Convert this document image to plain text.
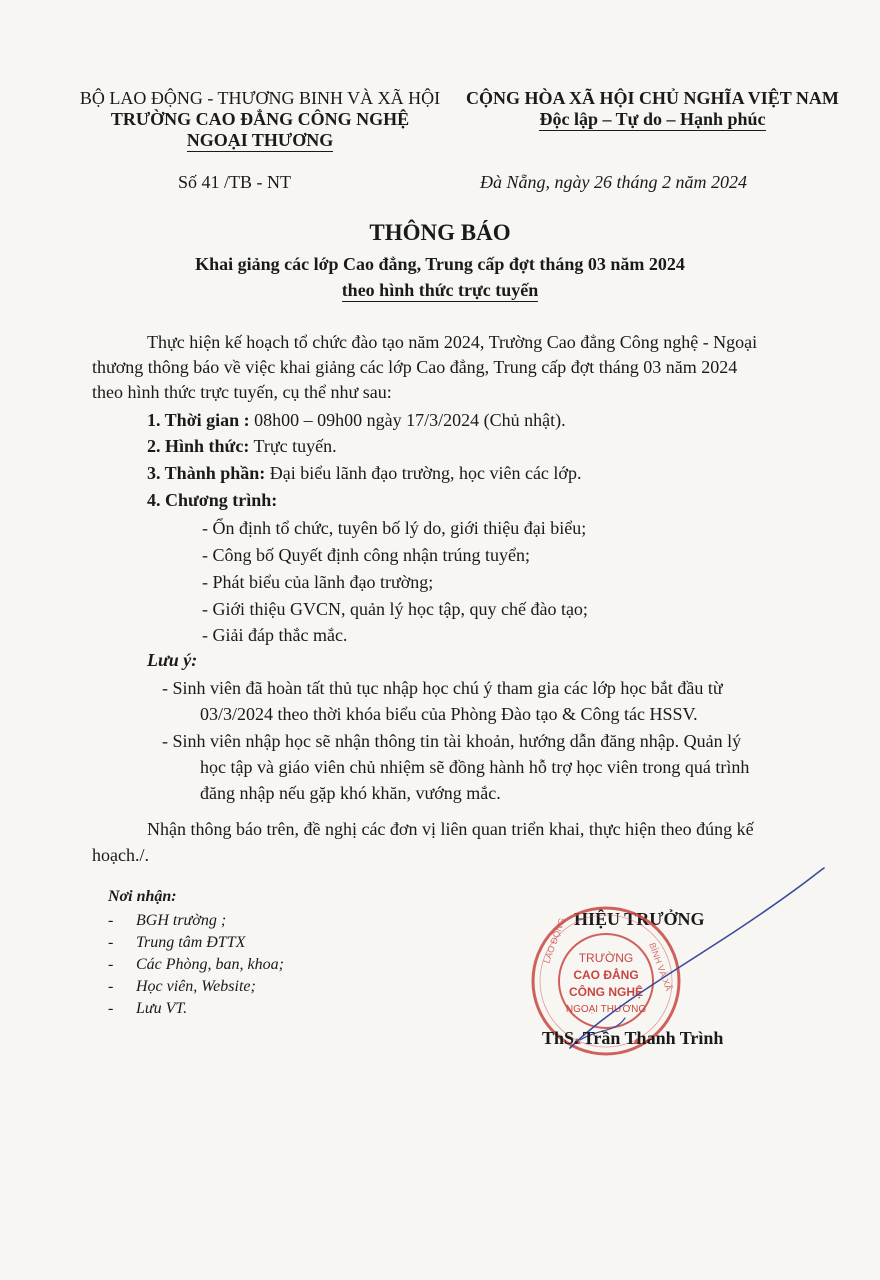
BỘ LAO ĐỘNG - THƯƠNG BINH VÀ XÃ HỘI
TRƯỜNG CAO ĐẲNG CÔNG NGHỆ
NGOẠI THƯƠNG
Số 41 /TB - NT
CỘNG HÒA XÃ HỘI CHỦ NGHĨA VIỆT NAM
Độc lập – Tự do – Hạnh phúc
Đà Nẵng, ngày 26 tháng 2 năm 2024
THÔNG BÁO
Khai giảng các lớp Cao đẳng, Trung cấp đợt tháng 03 năm 2024
theo hình thức trực tuyến
Thực hiện kế hoạch tổ chức đào tạo năm 2024, Trường Cao đẳng Công nghệ - Ngoại
thương thông báo về việc khai giảng các lớp Cao đẳng, Trung cấp đợt tháng 03 năm 2024
theo hình thức trực tuyến, cụ thể như sau:
1. Thời gian : 08h00 – 09h00 ngày 17/3/2024 (Chủ nhật).
2. Hình thức: Trực tuyến.
3. Thành phần: Đại biểu lãnh đạo trường, học viên các lớp.
4. Chương trình:
- Ổn định tổ chức, tuyên bố lý do, giới thiệu đại biểu;
- Công bố Quyết định công nhận trúng tuyển;
- Phát biểu của lãnh đạo trường;
- Giới thiệu GVCN, quản lý học tập, quy chế đào tạo;
- Giải đáp thắc mắc.
Lưu ý:
- Sinh viên đã hoàn tất thủ tục nhập học chú ý tham gia các lớp học bắt đầu từ
03/3/2024 theo thời khóa biểu của Phòng Đào tạo & Công tác HSSV.
- Sinh viên nhập học sẽ nhận thông tin tài khoản, hướng dẫn đăng nhập. Quản lý
học tập và giáo viên chủ nhiệm sẽ đồng hành hỗ trợ học viên trong quá trình
đăng nhập nếu gặp khó khăn, vướng mắc.
Nhận thông báo trên, đề nghị các đơn vị liên quan triển khai, thực hiện theo đúng kế
hoạch./.
Nơi nhận:
- BGH trường ;
- Trung tâm ĐTTX
- Các Phòng, ban, khoa;
- Học viên, Website;
- Lưu VT.
HIỆU TRƯỞNG
TRƯỜNG
CAO ĐẲNG
CÔNG NGHỆ
NGOẠI THƯƠNG
LAO ĐỘNG
BÌNH VÀ XÃ
ThS. Trần Thanh Trình
